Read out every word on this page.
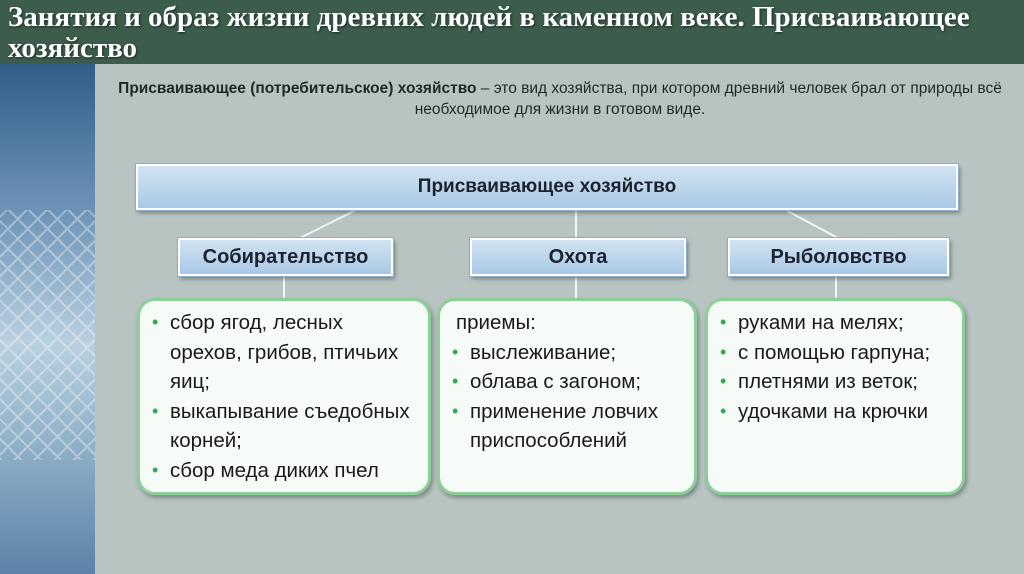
Занятия и образ жизни древних людей в каменном веке. Присваивающее хозяйство
Присваивающее (потребительское) хозяйство – это вид хозяйства, при котором древний человек брал от природы всё необходимое для жизни в готовом виде.
Присваивающее хозяйство
Собирательство	Охота	Рыболовство
• сбор ягод, лесных орехов, грибов, птичьих яиц;
• выкапывание съедобных корней;
• сбор меда диких пчел
приемы:
• выслеживание;
• облава с загоном;
• применение ловчих приспособлений
• руками на мелях;
• с помощью гарпуна;
• плетнями из веток;
• удочками на крючки
